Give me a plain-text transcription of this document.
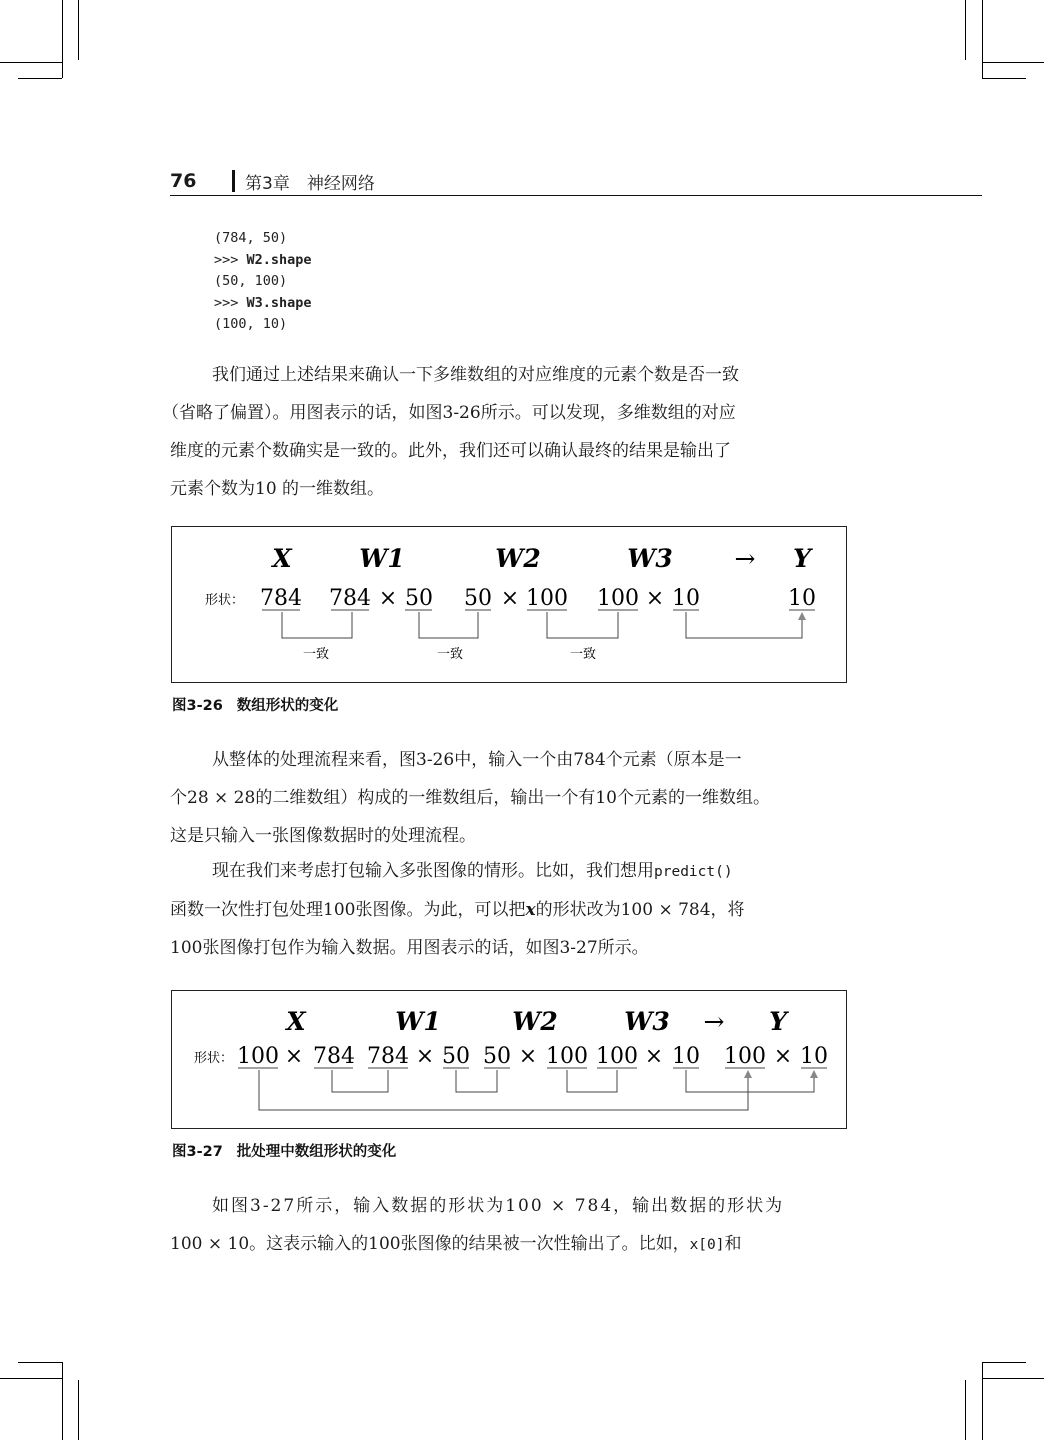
76	第3章　神经网络
(784, 50)
>>> W2.shape
(50, 100)
>>> W3.shape
(100, 10)
我们通过上述结果来确认一下多维数组的对应维度的元素个数是否一致
（省略了偏置）。用图表示的话，如图3-26所示。可以发现，多维数组的对应
维度的元素个数确实是一致的。此外，我们还可以确认最终的结果是输出了
元素个数为10 的一维数组。
X	W1	W2	W3 → Y
形状： 784 784 × 50 50 × 100 100 × 10	10
一致	一致	一致
图3-26 数组形状的变化
从整体的处理流程来看，图3-26中，输入一个由784个元素（原本是一
个28 × 28的二维数组）构成的一维数组后，输出一个有10个元素的一维数组。
这是只输入一张图像数据时的处理流程。
现在我们来考虑打包输入多张图像的情形。比如，我们想用predict()
函数一次性打包处理100张图像。为此，可以把x的形状改为100 × 784，将
100张图像打包作为输入数据。用图表示的话，如图3-27所示。
X	W1	W2	W3 → Y
形状： 100 × 784 784 × 50 50 × 100 100 × 10 100 × 10
图3-27 批处理中数组形状的变化
如图3-27所示，输入数据的形状为100 × 784，输出数据的形状为
100 × 10。这表示输入的100张图像的结果被一次性输出了。比如，x[0]和
